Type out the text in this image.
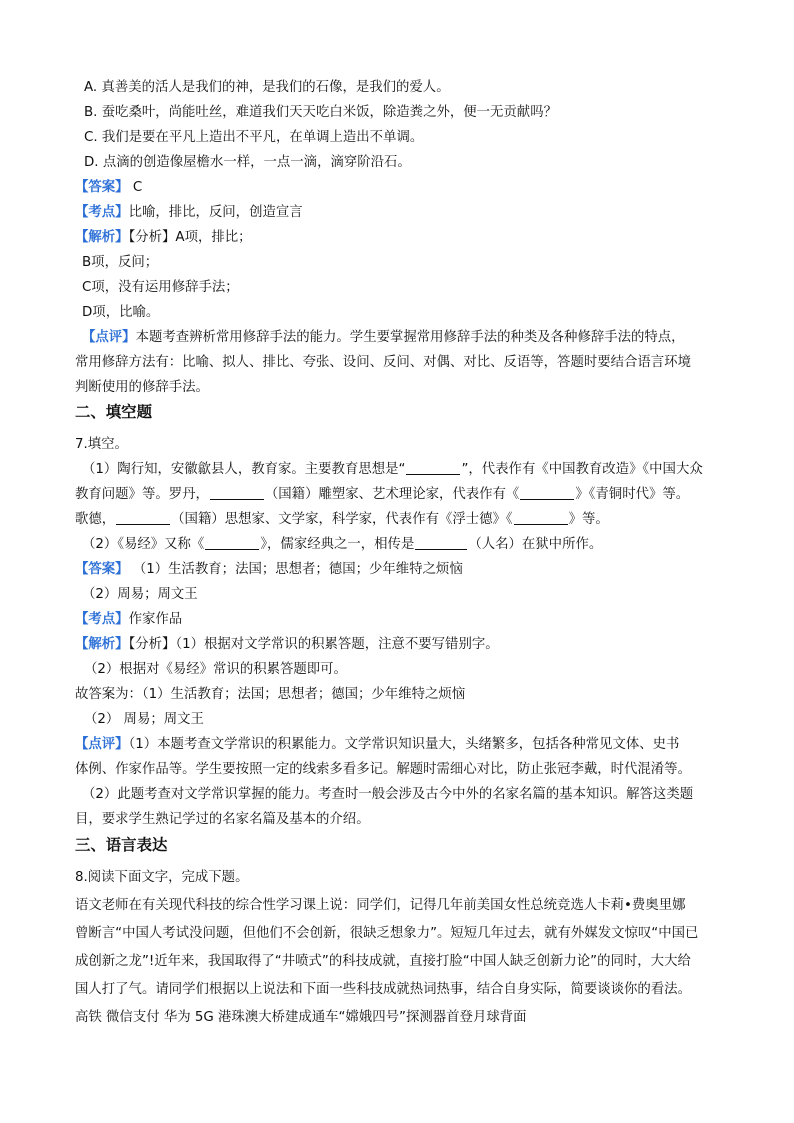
A. 真善美的活人是我们的神，是我们的石像，是我们的爱人。
B. 蚕吃桑叶，尚能吐丝，难道我们天天吃白米饭，除造粪之外，便一无贡献吗？
C. 我们是要在平凡上造出不平凡，在单调上造出不单调。
D. 点滴的创造像屋檐水一样，一点一滴，滴穿阶沿石。
【答案】 C
【考点】比喻，排比，反问，创造宣言
【解析】【分析】A项，排比；
B项，反问；
C项，没有运用修辞手法；
D项，比喻。
【点评】本题考查辨析常用修辞手法的能力。学生要掌握常用修辞手法的种类及各种修辞手法的特点，
常用修辞方法有：比喻、拟人、排比、夸张、设问、反问、对偶、对比、反语等，答题时要结合语言环境
判断使用的修辞手法。
二、填空题
7.填空。
（1）陶行知，安徽歙县人，教育家。主要教育思想是“	”，代表作有《中国教育改造》《中国大众
教育问题》等。罗丹，	（国籍）雕塑家、艺术理论家，代表作有《	》《青铜时代》等。
歌德，	（国籍）思想家、文学家，科学家，代表作有《浮士德》《	》等。
（2）《易经》又称《	》，儒家经典之一，相传是	（人名）在狱中所作。
【答案】 （1）生活教育；法国；思想者；德国；少年维特之烦恼
（2）周易；周文王
【考点】作家作品
【解析】【分析】（1）根据对文学常识的积累答题，注意不要写错别字。
（2）根据对《易经》常识的积累答题即可。
故答案为：（1）生活教育；法国；思想者；德国；少年维特之烦恼
（2） 周易；周文王
【点评】（1）本题考查文学常识的积累能力。文学常识知识量大，头绪繁多，包括各种常见文体、史书
体例、作家作品等。学生要按照一定的线索多看多记。解题时需细心对比，防止张冠李戴，时代混淆等。
（2）此题考查对文学常识掌握的能力。考查时一般会涉及古今中外的名家名篇的基本知识。解答这类题
目，要求学生熟记学过的名家名篇及基本的介绍。
三、语言表达
8.阅读下面文字，完成下题。
语文老师在有关现代科技的综合性学习课上说：同学们，记得几年前美国女性总统竞选人卡莉•费奥里娜
曾断言“中国人考试没问题，但他们不会创新，很缺乏想象力”。短短几年过去，就有外媒发文惊叹“中国已
成创新之龙”!近年来，我国取得了“井喷式”的科技成就，直接打脸“中国人缺乏创新力论”的同时，大大给
国人打了气。请同学们根据以上说法和下面一些科技成就热词热事，结合自身实际，简要谈谈你的看法。
高铁 微信支付 华为 5G 港珠澳大桥建成通车“嫦娥四号”探测器首登月球背面
